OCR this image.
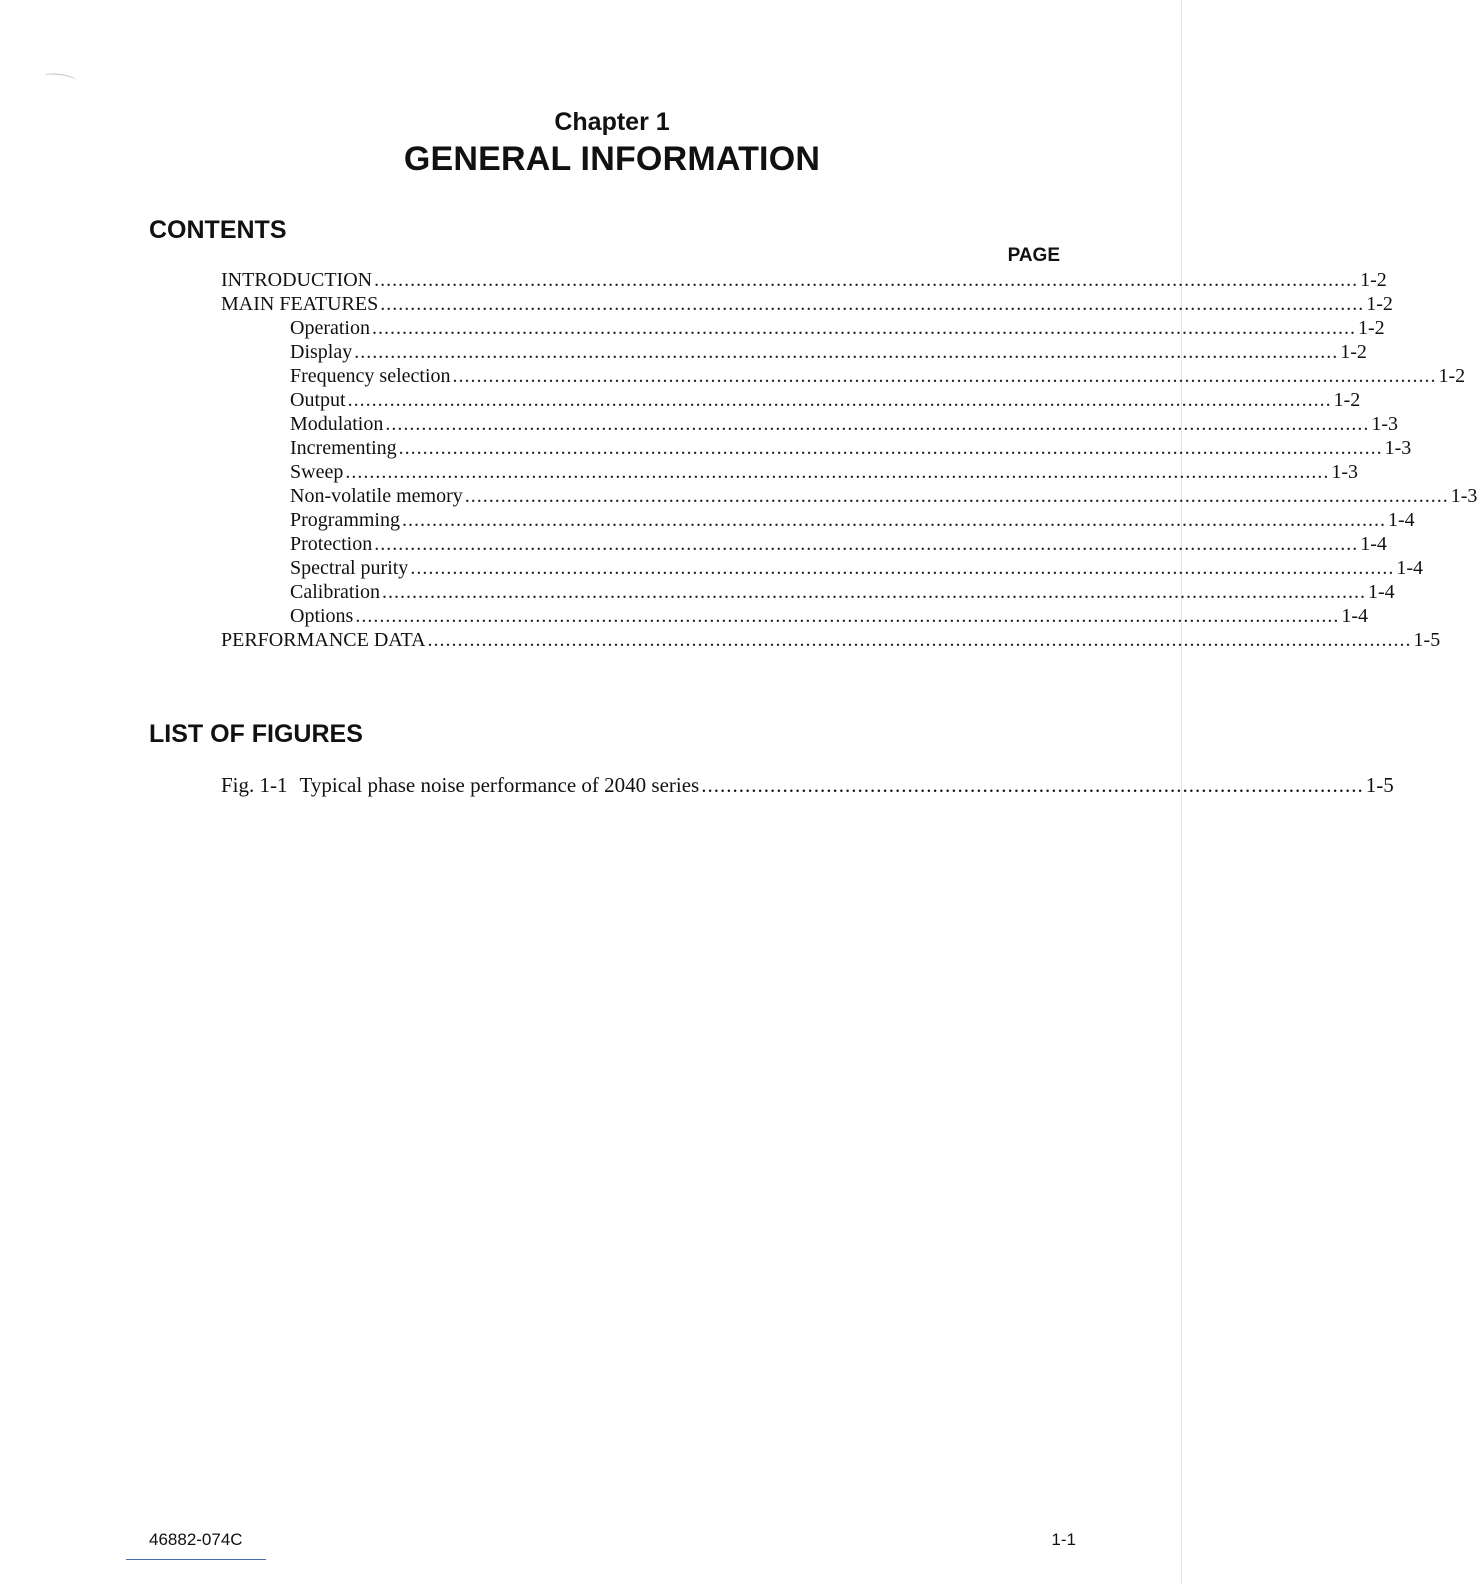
Chapter 1
GENERAL INFORMATION
CONTENTS
PAGE
INTRODUCTION .................................................................................................................................................................... 1-2
MAIN FEATURES .................................................................................................................................................................... 1-2
Operation .................................................................................................................................................................... 1-2
Display .................................................................................................................................................................... 1-2
Frequency selection .................................................................................................................................................................... 1-2
Output .................................................................................................................................................................... 1-2
Modulation .................................................................................................................................................................... 1-3
Incrementing .................................................................................................................................................................... 1-3
Sweep .................................................................................................................................................................... 1-3
Non-volatile memory .................................................................................................................................................................... 1-3
Programming .................................................................................................................................................................... 1-4
Protection .................................................................................................................................................................... 1-4
Spectral purity .................................................................................................................................................................... 1-4
Calibration .................................................................................................................................................................... 1-4
Options .................................................................................................................................................................... 1-4
PERFORMANCE DATA .................................................................................................................................................................... 1-5
LIST OF FIGURES
Fig. 1-1 Typical phase noise performance of 2040 series .......................................................................................................... 1-5
46882-074C	1-1
